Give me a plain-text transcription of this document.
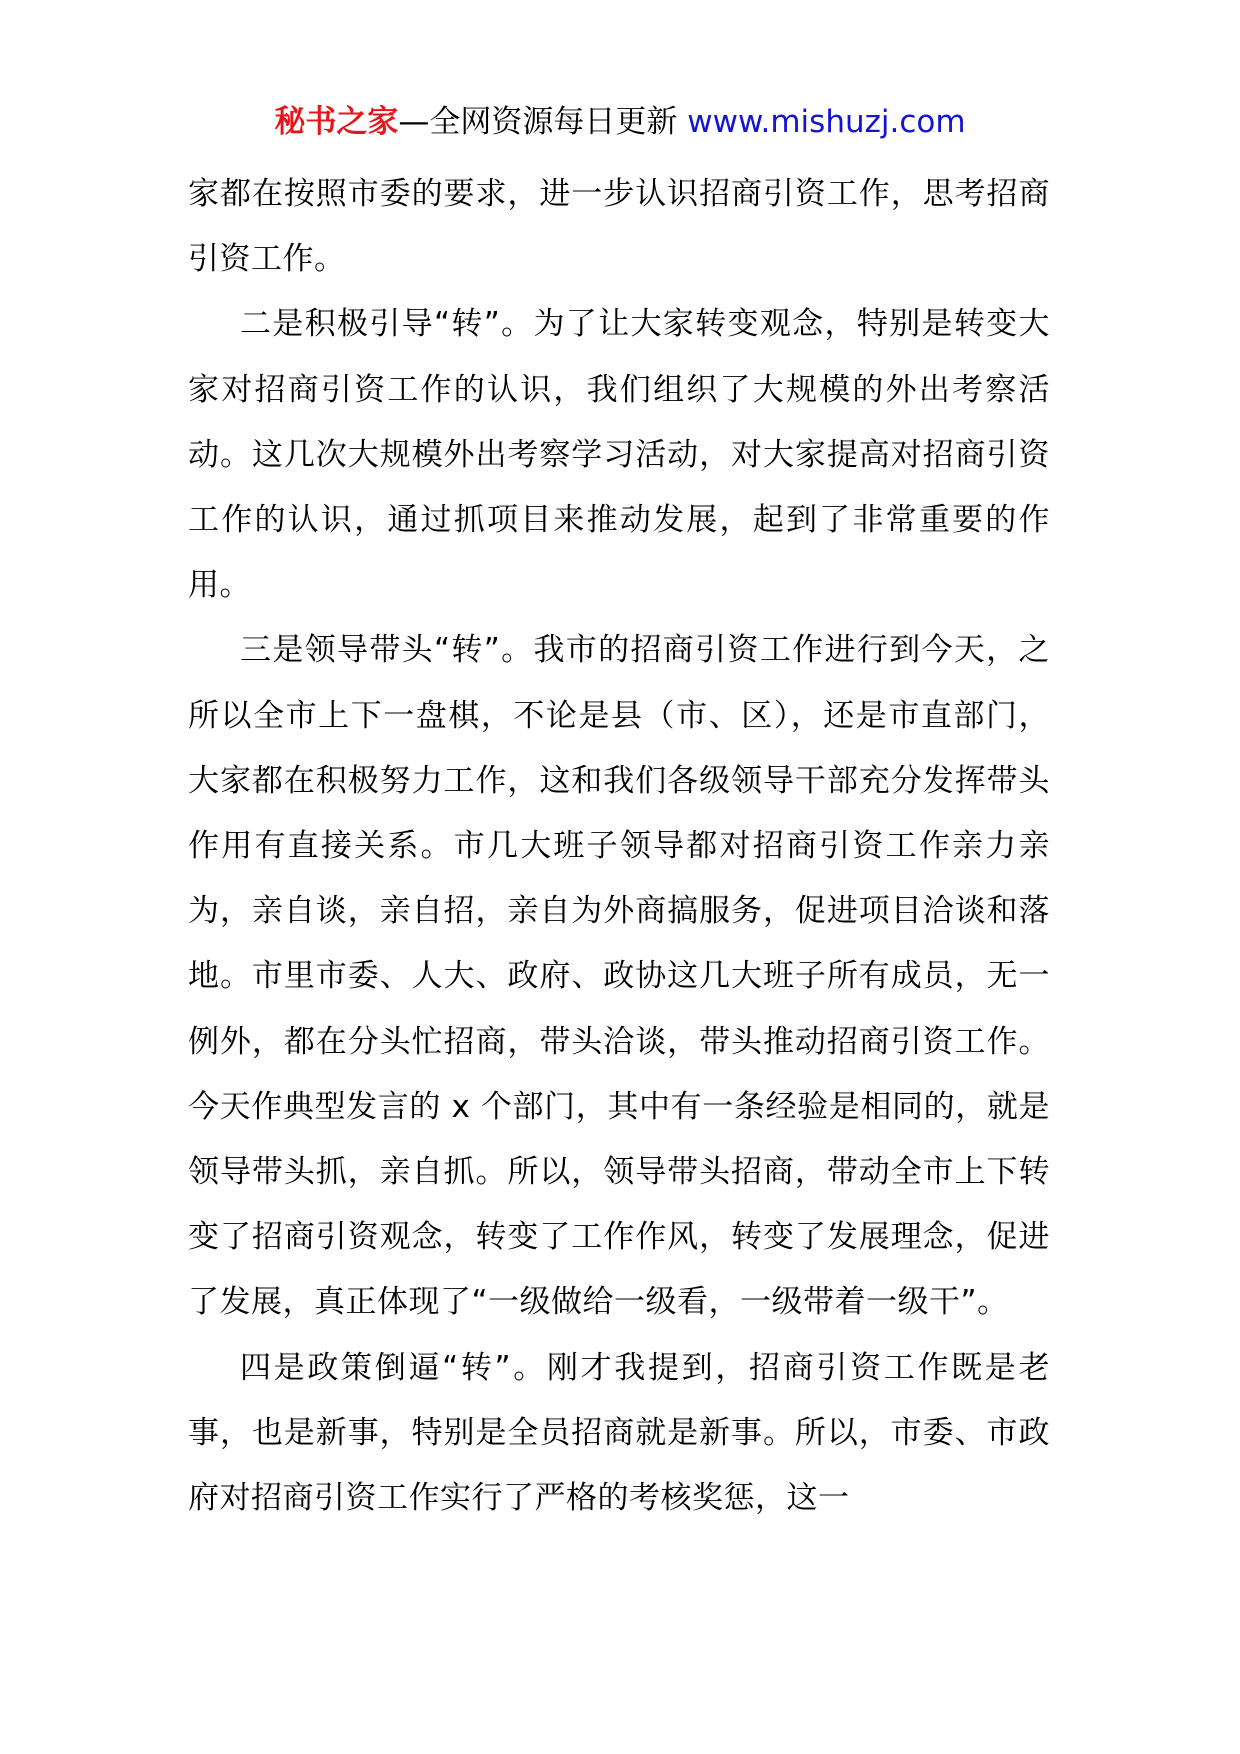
秘书之家—全网资源每日更新 www.mishuzj.com

家都在按照市委的要求，进一步认识招商引资工作，思考招商引资工作。

二是积极引导“转”。为了让大家转变观念，特别是转变大家对招商引资工作的认识，我们组织了大规模的外出考察活动。这几次大规模外出考察学习活动，对大家提高对招商引资工作的认识，通过抓项目来推动发展，起到了非常重要的作用。

三是领导带头“转”。我市的招商引资工作进行到今天，之所以全市上下一盘棋，不论是县（市、区），还是市直部门，大家都在积极努力工作，这和我们各级领导干部充分发挥带头作用有直接关系。市几大班子领导都对招商引资工作亲力亲为，亲自谈，亲自招，亲自为外商搞服务，促进项目洽谈和落地。市里市委、人大、政府、政协这几大班子所有成员，无一例外，都在分头忙招商，带头洽谈，带头推动招商引资工作。今天作典型发言的 x 个部门，其中有一条经验是相同的，就是领导带头抓，亲自抓。所以，领导带头招商，带动全市上下转变了招商引资观念，转变了工作作风，转变了发展理念，促进了发展，真正体现了“一级做给一级看，一级带着一级干”。

四是政策倒逼“转”。刚才我提到，招商引资工作既是老事，也是新事，特别是全员招商就是新事。所以，市委、市政府对招商引资工作实行了严格的考核奖惩，这一
